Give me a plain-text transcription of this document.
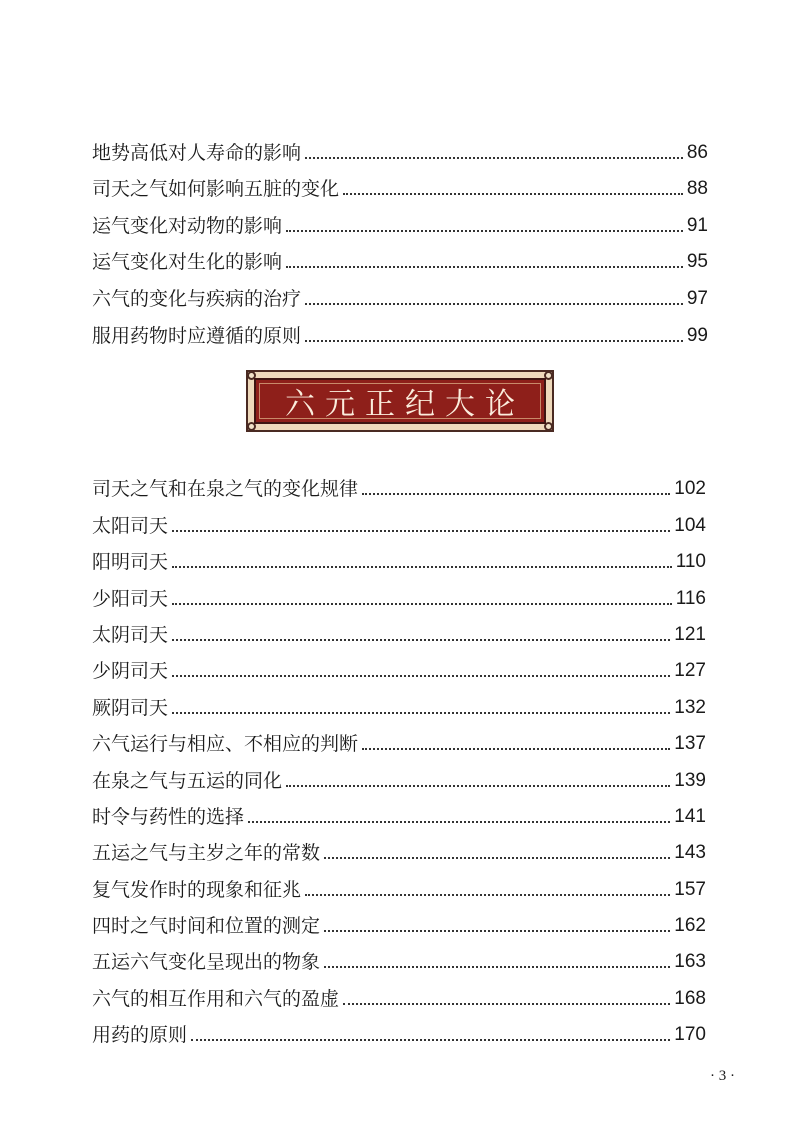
地势高低对人寿命的影响	86
司天之气如何影响五脏的变化	88
运气变化对动物的影响	91
运气变化对生化的影响	95
六气的变化与疾病的治疗	97
服用药物时应遵循的原则	99
六元正纪大论
司天之气和在泉之气的变化规律	102
太阳司天	104
阳明司天	110
少阳司天	116
太阴司天	121
少阴司天	127
厥阴司天	132
六气运行与相应、不相应的判断	137
在泉之气与五运的同化	139
时令与药性的选择	141
五运之气与主岁之年的常数	143
复气发作时的现象和征兆	157
四时之气时间和位置的测定	162
五运六气变化呈现出的物象	163
六气的相互作用和六气的盈虚	168
用药的原则	170
· 3 ·
